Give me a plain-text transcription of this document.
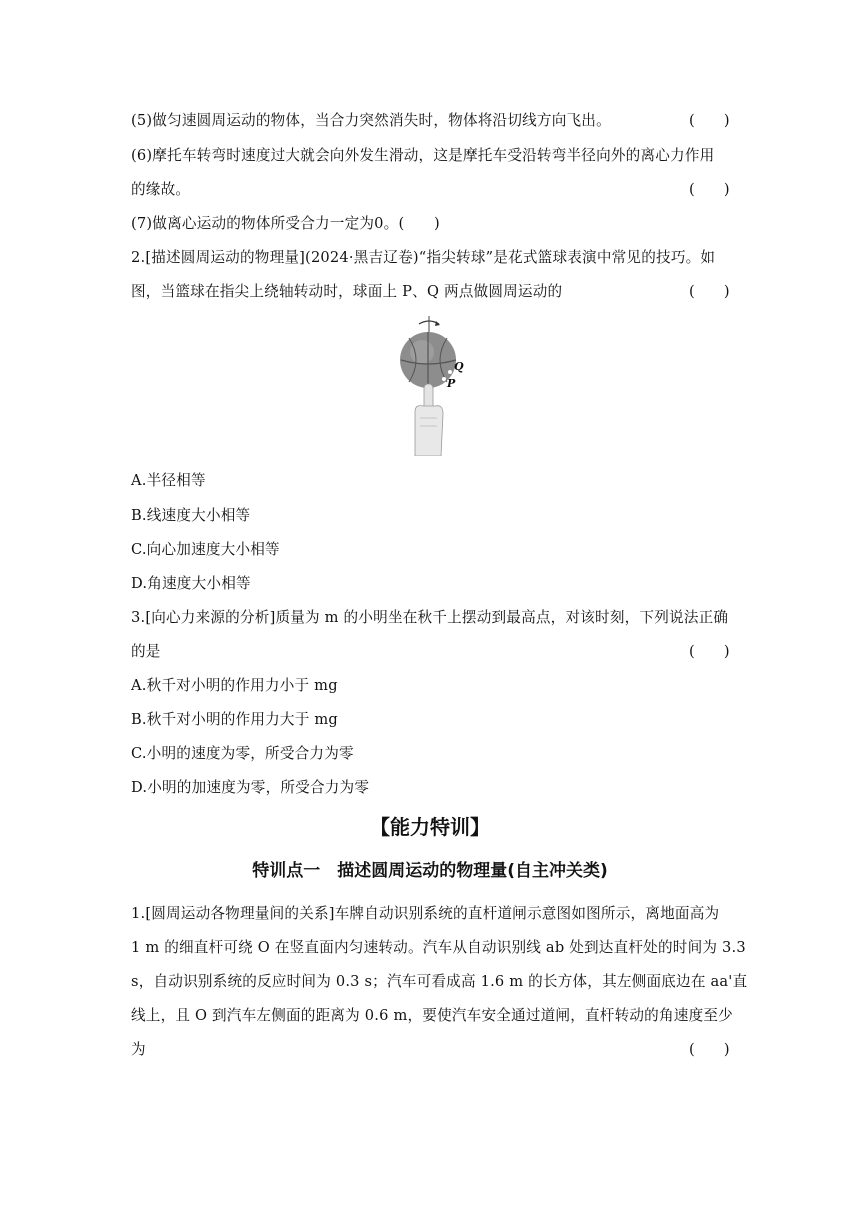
(5)做匀速圆周运动的物体，当合力突然消失时，物体将沿切线方向飞出。	(　　)
(6)摩托车转弯时速度过大就会向外发生滑动，这是摩托车受沿转弯半径向外的离心力作用
的缘故。	(　　)
(7)做离心运动的物体所受合力一定为0。(　　)
2.[描述圆周运动的物理量](2024·黑吉辽卷)“指尖转球”是花式篮球表演中常见的技巧。如
图，当篮球在指尖上绕轴转动时，球面上 P、Q 两点做圆周运动的	(　　)
Q
P
A.半径相等
B.线速度大小相等
C.向心加速度大小相等
D.角速度大小相等
3.[向心力来源的分析]质量为 m 的小明坐在秋千上摆动到最高点，对该时刻，下列说法正确
的是	(　　)
A.秋千对小明的作用力小于 mg
B.秋千对小明的作用力大于 mg
C.小明的速度为零，所受合力为零
D.小明的加速度为零，所受合力为零
【能力特训】
特训点一　描述圆周运动的物理量(自主冲关类)
1.[圆周运动各物理量间的关系]车牌自动识别系统的直杆道闸示意图如图所示，离地面高为
1 m 的细直杆可绕 O 在竖直面内匀速转动。汽车从自动识别线 ab 处到达直杆处的时间为 3.3
s，自动识别系统的反应时间为 0.3 s；汽车可看成高 1.6 m 的长方体，其左侧面底边在 aa'直
线上，且 O 到汽车左侧面的距离为 0.6 m，要使汽车安全通过道闸，直杆转动的角速度至少
为	(　　)
